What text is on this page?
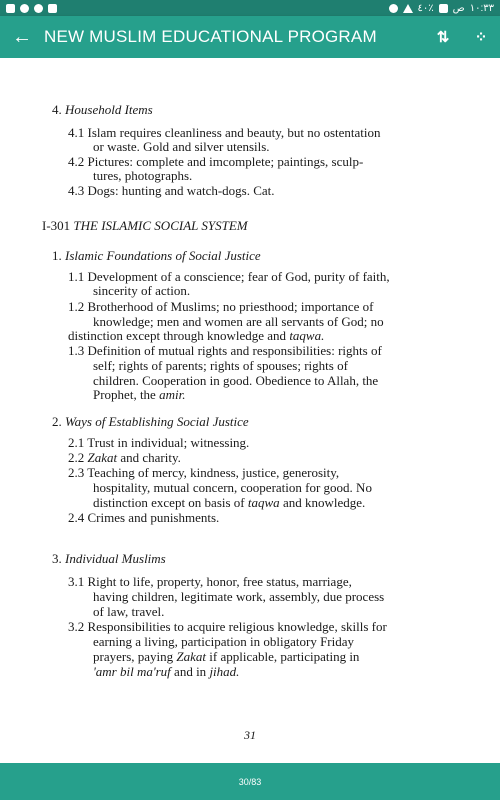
٤٠٪ ص ١٠:٣٣
← NEW MUSLIM EDUCATIONAL PROGRAM	⇅	⁘
4. Household Items
4.1 Islam requires cleanliness and beauty, but no ostentation
or waste. Gold and silver utensils.
4.2 Pictures: complete and imcomplete; paintings, sculp-
tures, photographs.
4.3 Dogs: hunting and watch-dogs. Cat.
I-301 THE ISLAMIC SOCIAL SYSTEM
1. Islamic Foundations of Social Justice
1.1 Development of a conscience; fear of God, purity of faith,
sincerity of action.
1.2 Brotherhood of Muslims; no priesthood; importance of
knowledge; men and women are all servants of God; no
distinction except through knowledge and taqwa.
1.3 Definition of mutual rights and responsibilities: rights of
self; rights of parents; rights of spouses; rights of
children. Cooperation in good. Obedience to Allah, the
Prophet, the amir.
2. Ways of Establishing Social Justice
2.1 Trust in individual; witnessing.
2.2 Zakat and charity.
2.3 Teaching of mercy, kindness, justice, generosity,
hospitality, mutual concern, cooperation for good. No
distinction except on basis of taqwa and knowledge.
2.4 Crimes and punishments.
3. Individual Muslims
3.1 Right to life, property, honor, free status, marriage,
having children, legitimate work, assembly, due process
of law, travel.
3.2 Responsibilities to acquire religious knowledge, skills for
earning a living, participation in obligatory Friday
prayers, paying Zakat if applicable, participating in
'amr bil ma'ruf and in jihad.
31
30/83
